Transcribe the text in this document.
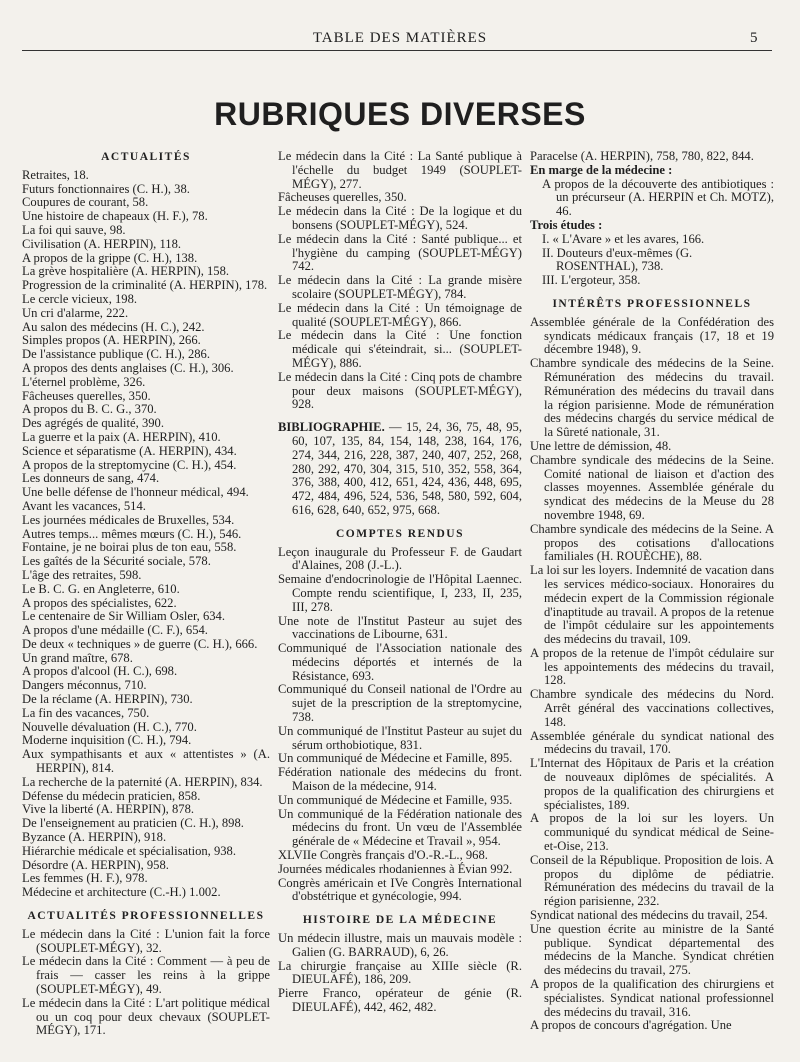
TABLE DES MATIÈRES	5
RUBRIQUES DIVERSES
ACTUALITÉS
Retraites, 18.
Futurs fonctionnaires (C. H.), 38.
Coupures de courant, 58.
Une histoire de chapeaux (H. F.), 78.
La foi qui sauve, 98.
Civilisation (A. HERPIN), 118.
A propos de la grippe (C. H.), 138.
La grève hospitalière (A. HERPIN), 158.
Progression de la criminalité (A. HERPIN), 178.
Le cercle vicieux, 198.
Un cri d'alarme, 222.
Au salon des médecins (H. C.), 242.
Simples propos (A. HERPIN), 266.
De l'assistance publique (C. H.), 286.
A propos des dents anglaises (C. H.), 306.
L'éternel problème, 326.
Fâcheuses querelles, 350.
A propos du B. C. G., 370.
Des agrégés de qualité, 390.
La guerre et la paix (A. HERPIN), 410.
Science et séparatisme (A. HERPIN), 434.
A propos de la streptomycine (C. H.), 454.
Les donneurs de sang, 474.
Une belle défense de l'honneur médical, 494.
Avant les vacances, 514.
Les journées médicales de Bruxelles, 534.
Autres temps... mêmes mœurs (C. H.), 546.
Fontaine, je ne boirai plus de ton eau, 558.
Les gaîtés de la Sécurité sociale, 578.
L'âge des retraites, 598.
Le B. C. G. en Angleterre, 610.
A propos des spécialistes, 622.
Le centenaire de Sir William Osler, 634.
A propos d'une médaille (C. F.), 654.
De deux « techniques » de guerre (C. H.), 666.
Un grand maître, 678.
A propos d'alcool (H. C.), 698.
Dangers méconnus, 710.
De la réclame (A. HERPIN), 730.
La fin des vacances, 750.
Nouvelle dévaluation (H. C.), 770.
Moderne inquisition (C. H.), 794.
Aux sympathisants et aux « attentistes » (A. HERPIN), 814.
La recherche de la paternité (A. HERPIN), 834.
Défense du médecin praticien, 858.
Vive la liberté (A. HERPIN), 878.
De l'enseignement au praticien (C. H.), 898.
Byzance (A. HERPIN), 918.
Hiérarchie médicale et spécialisation, 938.
Désordre (A. HERPIN), 958.
Les femmes (H. F.), 978.
Médecine et architecture (C.-H.) 1.002.
ACTUALITÉS PROFESSIONNELLES
Le médecin dans la Cité : L'union fait la force (SOUPLET-MÉGY), 32.
Le médecin dans la Cité : Comment — à peu de frais — casser les reins à la grippe (SOUPLET-MÉGY), 49.
Le médecin dans la Cité : L'art politique médical ou un coq pour deux chevaux (SOUPLET-MÉGY), 171.
Le médecin dans la Cité : La Santé publique à l'échelle du budget 1949 (SOUPLET-MÉGY), 277.
Fâcheuses querelles, 350.
Le médecin dans la Cité : De la logique et du bonsens (SOUPLET-MÉGY), 524.
Le médecin dans la Cité : Santé publique... et l'hygiène du camping (SOUPLET-MÉGY) 742.
Le médecin dans la Cité : La grande misère scolaire (SOUPLET-MÉGY), 784.
Le médecin dans la Cité : Un témoignage de qualité (SOUPLET-MÉGY), 866.
Le médecin dans la Cité : Une fonction médicale qui s'éteindrait, si... (SOUPLET-MÉGY), 886.
Le médecin dans la Cité : Cinq pots de chambre pour deux maisons (SOUPLET-MÉGY), 928.
BIBLIOGRAPHIE. — 15, 24, 36, 75, 48, 95, 60, 107, 135, 84, 154, 148, 238, 164, 176, 274, 344, 216, 228, 387, 240, 407, 252, 268, 280, 292, 470, 304, 315, 510, 352, 558, 364, 376, 388, 400, 412, 651, 424, 436, 448, 695, 472, 484, 496, 524, 536, 548, 580, 592, 604, 616, 628, 640, 652, 975, 668.
COMPTES RENDUS
Leçon inaugurale du Professeur F. de Gaudart d'Alaines, 208 (J.-L.).
Semaine d'endocrinologie de l'Hôpital Laennec. Compte rendu scientifique, I, 233, II, 235, III, 278.
Une note de l'Institut Pasteur au sujet des vaccinations de Libourne, 631.
Communiqué de l'Association nationale des médecins déportés et internés de la Résistance, 693.
Communiqué du Conseil national de l'Ordre au sujet de la prescription de la streptomycine, 738.
Un communiqué de l'Institut Pasteur au sujet du sérum orthobiotique, 831.
Un communiqué de Médecine et Famille, 895.
Fédération nationale des médecins du front. Maison de la médecine, 914.
Un communiqué de Médecine et Famille, 935.
Un communiqué de la Fédération nationale des médecins du front. Un vœu de l'Assemblée générale de « Médecine et Travail », 954.
XLVIIe Congrès français d'O.-R.-L., 968.
Journées médicales rhodaniennes à Évian 992.
Congrès américain et IVe Congrès International d'obstétrique et gynécologie, 994.
HISTOIRE DE LA MÉDECINE
Un médecin illustre, mais un mauvais modèle : Galien (G. BARRAUD), 6, 26.
La chirurgie française au XIIIe siècle (R. DIEULAFÉ), 186, 209.
Pierre Franco, opérateur de génie (R. DIEULAFÉ), 442, 462, 482.
Paracelse (A. HERPIN), 758, 780, 822, 844.
En marge de la médecine :
A propos de la découverte des antibiotiques : un précurseur (A. HERPIN et Ch. MOTZ), 46.
Trois études :
I. « L'Avare » et les avares, 166.
II. Douteurs d'eux-mêmes (G. ROSENTHAL), 738.
III. L'ergoteur, 358.
INTÉRÊTS PROFESSIONNELS
Assemblée générale de la Confédération des syndicats médicaux français (17, 18 et 19 décembre 1948), 9.
Chambre syndicale des médecins de la Seine. Rémunération des médecins du travail. Rémunération des médecins du travail dans la région parisienne. Mode de rémunération des médecins chargés du service médical de la Sûreté nationale, 31.
Une lettre de démission, 48.
Chambre syndicale des médecins de la Seine. Comité national de liaison et d'action des classes moyennes. Assemblée générale du syndicat des médecins de la Meuse du 28 novembre 1948, 69.
Chambre syndicale des médecins de la Seine. A propos des cotisations d'allocations familiales (H. ROUÈCHE), 88.
La loi sur les loyers. Indemnité de vacation dans les services médico-sociaux. Honoraires du médecin expert de la Commission régionale d'inaptitude au travail. A propos de la retenue de l'impôt cédulaire sur les appointements des médecins du travail, 109.
A propos de la retenue de l'impôt cédulaire sur les appointements des médecins du travail, 128.
Chambre syndicale des médecins du Nord. Arrêt général des vaccinations collectives, 148.
Assemblée générale du syndicat national des médecins du travail, 170.
L'Internat des Hôpitaux de Paris et la création de nouveaux diplômes de spécialités. A propos de la qualification des chirurgiens et spécialistes, 189.
A propos de la loi sur les loyers. Un communiqué du syndicat médical de Seine-et-Oise, 213.
Conseil de la République. Proposition de lois. A propos du diplôme de pédiatrie. Rémunération des médecins du travail de la région parisienne, 232.
Syndicat national des médecins du travail, 254.
Une question écrite au ministre de la Santé publique. Syndicat départemental des médecins de la Manche. Syndicat chrétien des médecins du travail, 275.
A propos de la qualification des chirurgiens et spécialistes. Syndicat national professionnel des médecins du travail, 316.
A propos de concours d'agrégation. Une
